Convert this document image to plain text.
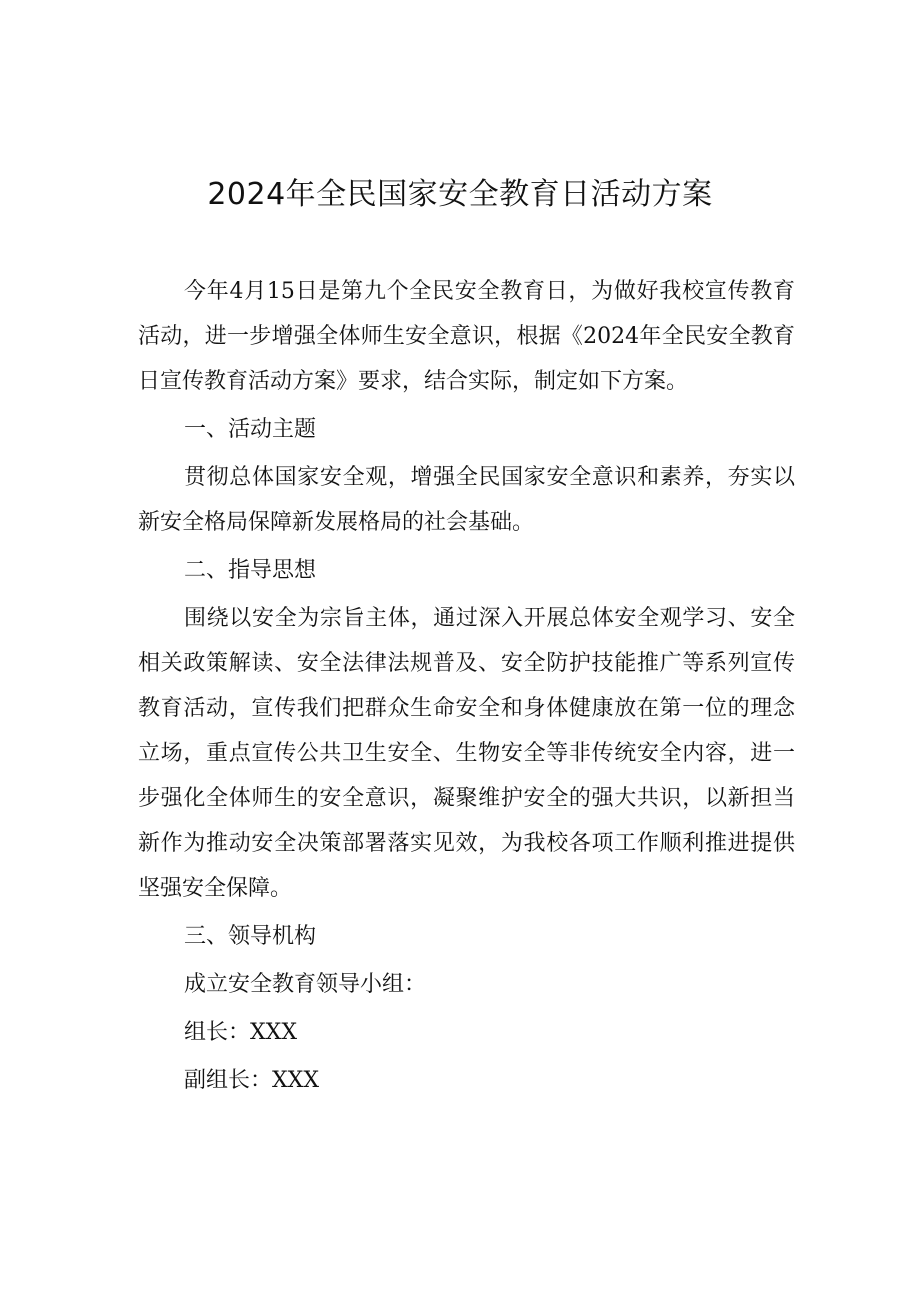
2024年全民国家安全教育日活动方案

今年4月15日是第九个全民安全教育日，为做好我校宣传教育活动，进一步增强全体师生安全意识，根据《2024年全民安全教育日宣传教育活动方案》要求，结合实际，制定如下方案。

一、活动主题

贯彻总体国家安全观，增强全民国家安全意识和素养，夯实以新安全格局保障新发展格局的社会基础。

二、指导思想

围绕以安全为宗旨主体，通过深入开展总体安全观学习、安全相关政策解读、安全法律法规普及、安全防护技能推广等系列宣传教育活动，宣传我们把群众生命安全和身体健康放在第一位的理念立场，重点宣传公共卫生安全、生物安全等非传统安全内容，进一步强化全体师生的安全意识，凝聚维护安全的强大共识，以新担当新作为推动安全决策部署落实见效，为我校各项工作顺利推进提供坚强安全保障。

三、领导机构
成立安全教育领导小组：
组长：XXX
副组长：XXX
